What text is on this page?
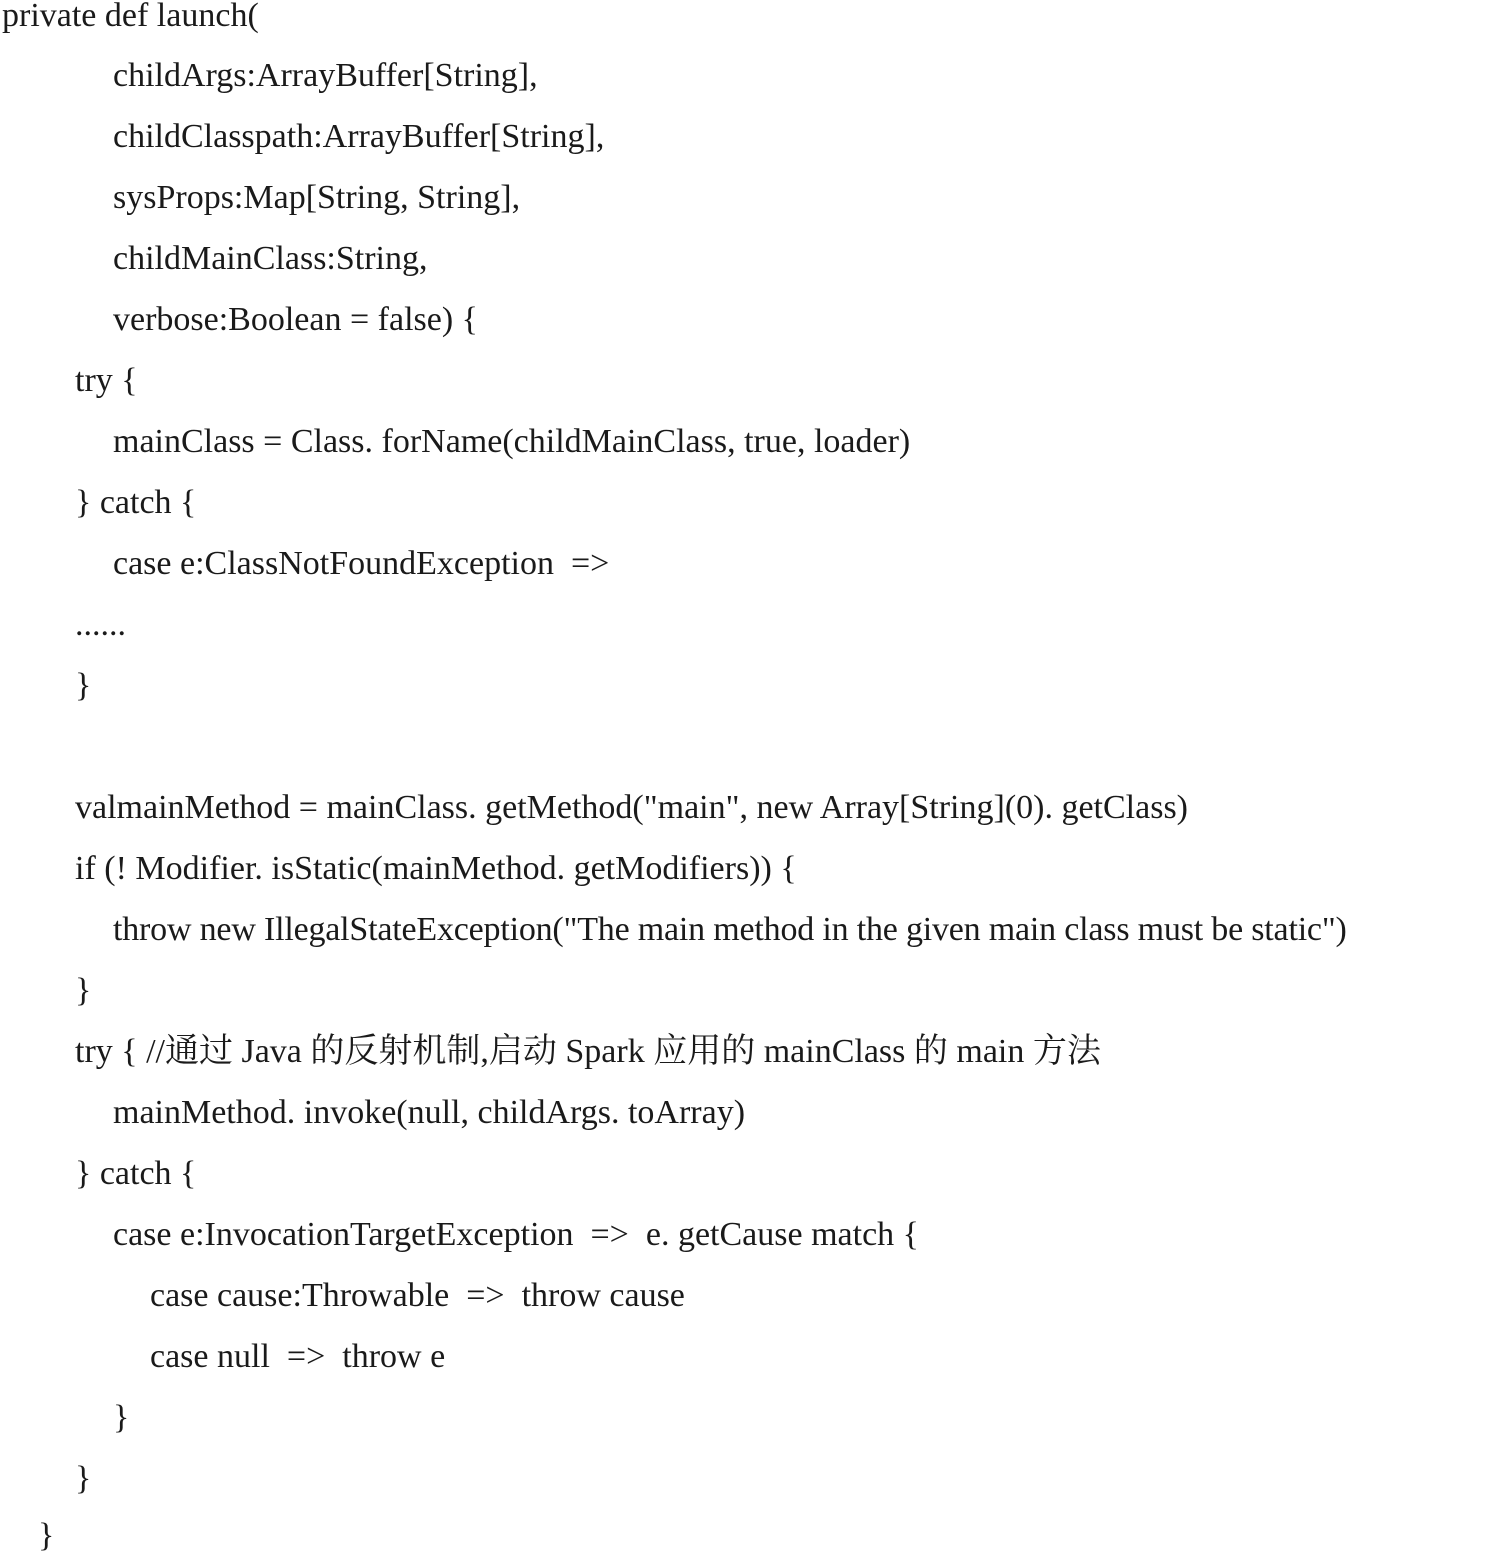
private def launch(
childArgs:ArrayBuffer[String],
childClasspath:ArrayBuffer[String],
sysProps:Map[String, String],
childMainClass:String,
verbose:Boolean = false) {
try {
mainClass = Class. forName(childMainClass, true, loader)
} catch {
case e:ClassNotFoundException  =>
......
}
valmainMethod = mainClass. getMethod("main", new Array[String](0). getClass)
if (! Modifier. isStatic(mainMethod. getModifiers)) {
throw new IllegalStateException("The main method in the given main class must be static")
}
try { //通过 Java 的反射机制,启动 Spark 应用的 mainClass 的 main 方法
mainMethod. invoke(null, childArgs. toArray)
} catch {
case e:InvocationTargetException  =>  e. getCause match {
case cause:Throwable  =>  throw cause
case null  =>  throw e
}
}
}
